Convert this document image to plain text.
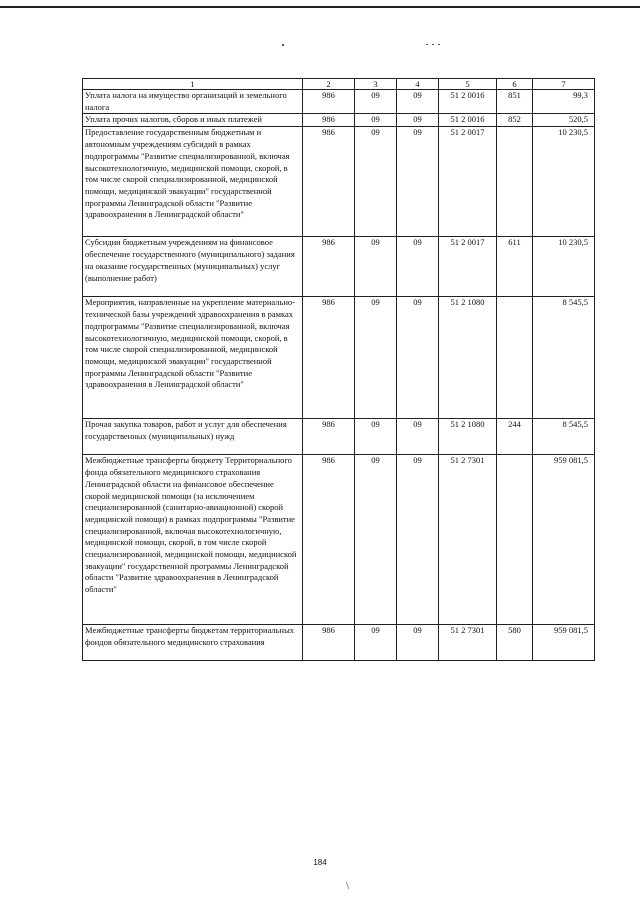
1	2	3	4	5	6	7
Уплата налога на имущество организаций и земельного налога	986	09	09	51 2 0016	851	99,3
Уплата прочих налогов, сборов и иных платежей	986	09	09	51 2 0016	852	520,5
Предоставление государственным бюджетным и автономным учреждениям субсидий в рамках подпрограммы "Развитие специализированной, включая высокотехнологичную, медицинской помощи, скорой, в том числе скорой специализированной, медицинской помощи, медицинской эвакуации" государственной программы Ленинградской области "Развитие здравоохранения в Ленинградской области"	986	09	09	51 2 0017		10 230,5
Субсидии бюджетным учреждениям на финансовое обеспечение государственного (муниципального) задания на оказание государственных (муниципальных) услуг (выполнение работ)	986	09	09	51 2 0017	611	10 230,5
Мероприятия, направленные на укрепление материально-технической базы учреждений здравоохранения в рамках подпрограммы "Развитие специализированной, включая высокотехнологичную, медицинской помощи, скорой, в том числе скорой специализированной, медицинской помощи, медицинской эвакуации" государственной программы Ленинградской области "Развитие здравоохранения в Ленинградской области"	986	09	09	51 2 1080		8 545,5
Прочая закупка товаров, работ и услуг для обеспечения государственных (муниципальных) нужд	986	09	09	51 2 1080	244	8 545,5
Межбюджетные трансферты бюджету Территориального фонда обязательного медицинского страхования Ленинградской области на финансовое обеспечение скорой медицинской помощи (за исключением специализированной (санитарно-авиационной) скорой медицинской помощи) в рамках подпрограммы "Развитие специализированной, включая высокотехнологичную, медицинской помощи, скорой, в том числе скорой специализированной, медицинской помощи, медицинской эвакуации" государственной программы Ленинградской области "Развитие здравоохранения в Ленинградской области"	986	09	09	51 2 7301		959 081,5
Межбюджетные трансферты бюджетам территориальных фондов обязательного медицинского страхования	986	09	09	51 2 7301	580	959 081,5
184
\
